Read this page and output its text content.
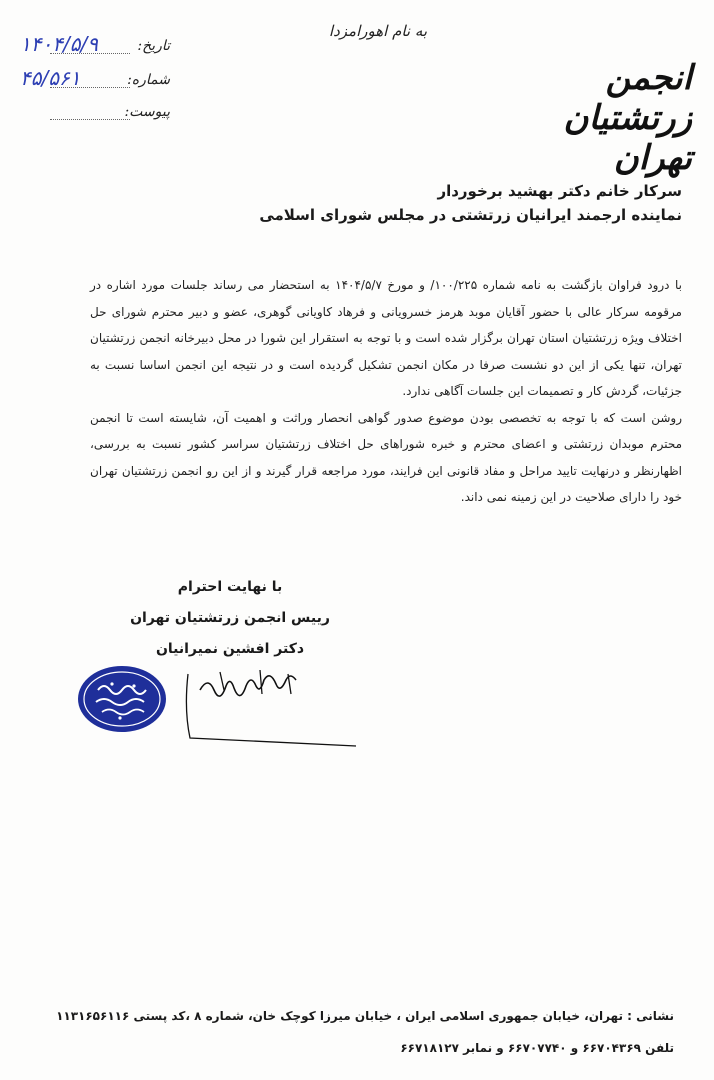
انجمن زرتشتیان تهران
به نام اهورامزدا
تاریخ:
۱۴۰۴/۵/۹
شماره:
۴۵/۵۶۱
پیوست:
سرکار خانم دکتر بهشید برخوردار
نماینده ارجمند ایرانیان زرتشتی در مجلس شورای اسلامی

با درود فراوان بازگشت به نامه شماره ۱۰۰/۲۲۵/ و مورخ ۱۴۰۴/۵/۷ به استحضار می رساند جلسات مورد اشاره در مرقومه سرکار عالی با حضور آقایان موبد هرمز خسرویانی و فرهاد کاویانی گوهری، عضو و دبیر محترم شورای حل اختلاف ویژه زرتشتیان استان تهران برگزار شده است و با توجه به استقرار این شورا در محل دبیرخانه انجمن زرتشتیان تهران، تنها یکی از این دو نشست صرفا در مکان انجمن تشکیل گردیده است و در نتیجه این انجمن اساسا نسبت به جزئیات، گردش کار و تصمیمات این جلسات آگاهی ندارد.

روشن است که با توجه به تخصصی بودن موضوع صدور گواهی انحصار وراثت و اهمیت آن، شایسته است تا انجمن محترم موبدان زرتشتی و اعضای محترم و خبره شوراهای حل اختلاف زرتشتیان سراسر کشور نسبت به بررسی، اظهارنظر و درنهایت تایید مراحل و مفاد قانونی این فرایند، مورد مراجعه قرار گیرند و از این رو انجمن زرتشتیان تهران خود را دارای صلاحیت در این زمینه نمی داند.

با نهایت احترام
رییس انجمن زرتشتیان تهران
دکتر افشین نمیرانیان
نشانی : تهران، خیابان جمهوری اسلامی ایران ، خیابان میرزا کوچک خان، شماره ۸ ،کد پستی ۱۱۳۱۶۵۶۱۱۶
تلفن ۶۶۷۰۴۳۶۹ و ۶۶۷۰۷۷۴۰ و نمابر ۶۶۷۱۸۱۲۷
